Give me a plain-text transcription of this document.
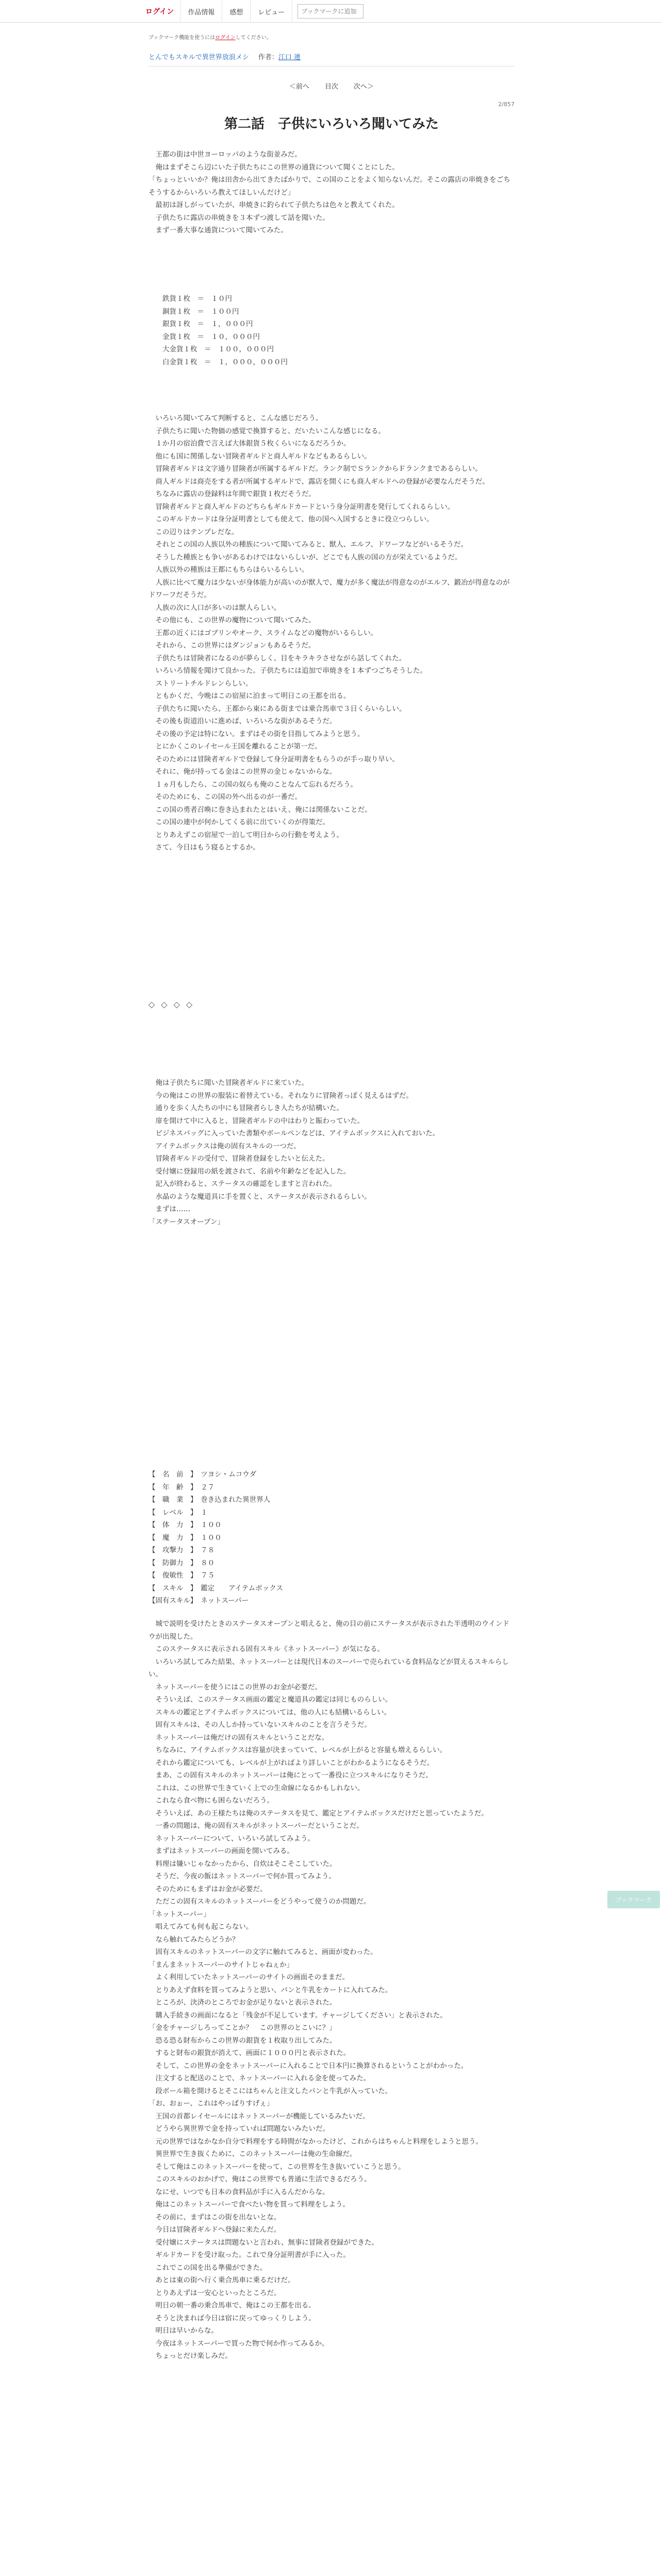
ログイン	作品情報	感想	レビュー
ブックマークに追加
ブックマーク機能を使うにはログインしてください。
とんでもスキルで異世界放浪メシ 作者：江口 連
＜前へ 目次 次へ＞
2/857
第二話　子供にいろいろ聞いてみた

　王都の街は中世ヨーロッパのような街並みだ。

　俺はまずそこら辺にいた子供たちにこの世界の通貨について聞くことにした。

「ちょっといいか？俺は田舎から出てきたばかりで、この国のことをよく知らないんだ。そこの露店の串焼きをごちそうするからいろいろ教えてほしいんだけど」

　最初は訝しがっていたが、串焼きに釣られて子供たちは色々と教えてくれた。

　子供たちに露店の串焼きを３本ずつ渡して話を聞いた。

　まず一番大事な通貨について聞いてみた。

　　鉄貨１枚　＝　１０円

　　銅貨１枚　＝　１００円

　　銀貨１枚　＝　１，０００円

　　金貨１枚　＝　１０，０００円

　　大金貨１枚　＝　１００，０００円

　　白金貨１枚　＝　１，０００，０００円

　いろいろ聞いてみて判断すると、こんな感じだろう。

　子供たちに聞いた物価の感覚で換算すると、だいたいこんな感じになる。

　１か月の宿泊費で言えば大体銀貨５枚くらいになるだろうか。

　他にも国に関係しない冒険者ギルドと商人ギルドなどもあるらしい。

　冒険者ギルドは文字通り冒険者が所属するギルドだ。ランク制でＳランクからＦランクまであるらしい。

　商人ギルドは商売をする者が所属するギルドで、露店を開くにも商人ギルドへの登録が必要なんだそうだ。

　ちなみに露店の登録料は年間で銀貨１枚だそうだ。

　冒険者ギルドと商人ギルドのどちらもギルドカードという身分証明書を発行してくれるらしい。

　このギルドカードは身分証明書としても使えて、他の国へ入国するときに役立つらしい。

　この辺りはテンプレだな。

　それとこの国の人族以外の種族について聞いてみると、獣人、エルフ、ドワーフなどがいるそうだ。

　そうした種族とも争いがあるわけではないらしいが、どこでも人族の国の方が栄えているようだ。

　人族以外の種族は王都にもちらほらいるらしい。

　人族に比べて魔力は少ないが身体能力が高いのが獣人で、魔力が多く魔法が得意なのがエルフ、鍛冶が得意なのがドワーフだそうだ。

　人族の次に人口が多いのは獣人らしい。

　その他にも、この世界の魔物について聞いてみた。

　王都の近くにはゴブリンやオーク、スライムなどの魔物がいるらしい。

　それから、この世界にはダンジョンもあるそうだ。

　子供たちは冒険者になるのが夢らしく、目をキラキラさせながら話してくれた。

　いろいろ情報を聞けて良かった。子供たちには追加で串焼きを１本ずつごちそうした。

　ストリートチルドレンらしい。

　ともかくだ、今晩はこの宿屋に泊まって明日この王都を出る。

　子供たちに聞いたら、王都から東にある街までは乗合馬車で３日くらいらしい。

　その後も街道沿いに進めば、いろいろな街があるそうだ。

　その後の予定は特にない。まずはその街を目指してみようと思う。

　とにかくこのレイセール王国を離れることが第一だ。

　そのためには冒険者ギルドで登録して身分証明書をもらうのが手っ取り早い。

　それに、俺が持ってる金はこの世界の金じゃないからな。

　１ヵ月もしたら、この国の奴らも俺のことなんて忘れるだろう。

　そのためにも、この国の外へ出るのが一番だ。

　この国の勇者召喚に巻き込まれたとはいえ、俺には関係ないことだ。

　この国の連中が何かしてくる前に出ていくのが得策だ。

　とりあえずこの宿屋で一泊して明日からの行動を考えよう。

　さて、今日はもう寝るとするか。

◇◇◇◇

　俺は子供たちに聞いた冒険者ギルドに来ていた。

　今の俺はこの世界の服装に着替えている。それなりに冒険者っぽく見えるはずだ。

　通りを歩く人たちの中にも冒険者らしき人たちが結構いた。

　扉を開けて中に入ると、冒険者ギルドの中はわりと賑わっていた。

　ビジネスバッグに入っていた書類やボールペンなどは、アイテムボックスに入れておいた。

　アイテムボックスは俺の固有スキルの一つだ。

　冒険者ギルドの受付で、冒険者登録をしたいと伝えた。

　受付嬢に登録用の紙を渡されて、名前や年齢などを記入した。

　記入が終わると、ステータスの確認をしますと言われた。

　水晶のような魔道具に手を置くと、ステータスが表示されるらしい。

　まずは……

「ステータスオープン」

【　名　前　】　ツヨシ・ムコウダ

【　年　齢　】　２７

【　職　業　】　巻き込まれた異世界人

【　レベル　】　１

【　体　力　】　１００

【　魔　力　】　１００

【　攻撃力　】　７８

【　防御力　】　８０

【　俊敏性　】　７５

【　スキル　】　鑑定　　アイテムボックス

【固有スキル】　ネットスーパー

　城で説明を受けたときのステータスオープンと唱えると、俺の目の前にステータスが表示された半透明のウインドウが出現した。

　このステータスに表示される固有スキル《ネットスーパー》が気になる。

　いろいろ試してみた結果、ネットスーパーとは現代日本のスーパーで売られている食料品などが買えるスキルらしい。

　ネットスーパーを使うにはこの世界のお金が必要だ。

　そういえば、このステータス画面の鑑定と魔道具の鑑定は同じものらしい。

　スキルの鑑定とアイテムボックスについては、他の人にも結構いるらしい。

　固有スキルは、その人しか持っていないスキルのことを言うそうだ。

　ネットスーパーは俺だけの固有スキルということだな。

　ちなみに、アイテムボックスは容量が決まっていて、レベルが上がると容量も増えるらしい。

　それから鑑定についても、レベルが上がればより詳しいことがわかるようになるそうだ。

　まあ、この固有スキルのネットスーパーは俺にとって一番役に立つスキルになりそうだ。

　これは、この世界で生きていく上での生命線になるかもしれない。

　これなら食べ物にも困らないだろう。

　そういえば、あの王様たちは俺のステータスを見て、鑑定とアイテムボックスだけだと思っていたようだ。

　一番の問題は、俺の固有スキルがネットスーパーだということだ。

　ネットスーパーについて、いろいろ試してみよう。

　まずはネットスーパーの画面を開いてみる。

　料理は嫌いじゃなかったから、自炊はそこそこしていた。

　そうだ、今夜の飯はネットスーパーで何か買ってみよう。

　そのためにもまずはお金が必要だ。

　ただこの固有スキルのネットスーパーをどうやって使うのか問題だ。

「ネットスーパー」

　唱えてみても何も起こらない。

　なら触れてみたらどうか？

　固有スキルのネットスーパーの文字に触れてみると、画面が変わった。

「まんまネットスーパーのサイトじゃねぇか」

　よく利用していたネットスーパーのサイトの画面そのままだ。

　とりあえず食料を買ってみようと思い、パンと牛乳をカートに入れてみた。

　ところが、決済のところでお金が足りないと表示された。

　購入手続きの画面になると「残金が不足しています。チャージしてください」と表示された。

「金をチャージしろってことか？　この世界のとこいに？」

　恐る恐る財布からこの世界の銀貨を１枚取り出してみた。

　すると財布の銀貨が消えて、画面に１０００円と表示された。

　そして、この世界の金をネットスーパーに入れることで日本円に換算されるということがわかった。

　注文すると配送のことで、ネットスーパーに入れる金を使ってみた。

　段ボール箱を開けるとそこにはちゃんと注文したパンと牛乳が入っていた。

「お、おぉー、これはやっぱりすげぇ」

　王国の首都レイセールにはネットスーパーが機能しているみたいだ。

　どうやら異世界で金を持っていれば問題ないみたいだ。

　元の世界ではなかなか自分で料理をする時間がなかったけど、これからはちゃんと料理をしようと思う。

　異世界で生き抜くために、このネットスーパーは俺の生命線だ。

　そして俺はこのネットスーパーを使って、この世界を生き抜いていこうと思う。

　このスキルのおかげで、俺はこの世界でも普通に生活できるだろう。

　なにせ、いつでも日本の食料品が手に入るんだからな。

　俺はこのネットスーパーで食べたい物を買って料理をしよう。

　その前に、まずはこの街を出ないとな。

　今日は冒険者ギルドへ登録に来たんだ。

　受付嬢にステータスは問題ないと言われ、無事に冒険者登録ができた。

　ギルドカードを受け取った。これで身分証明書が手に入った。

　これでこの国を出る準備ができた。

　あとは東の街へ行く乗合馬車に乗るだけだ。

　とりあえずは一安心といったところだ。

　明日の朝一番の乗合馬車で、俺はこの王都を出る。

　そうと決まれば今日は宿に戻ってゆっくりしよう。

　明日は早いからな。

　今夜はネットスーパーで買った物で何か作ってみるか。

　ちょっとだけ楽しみだ。

ブックマーク
